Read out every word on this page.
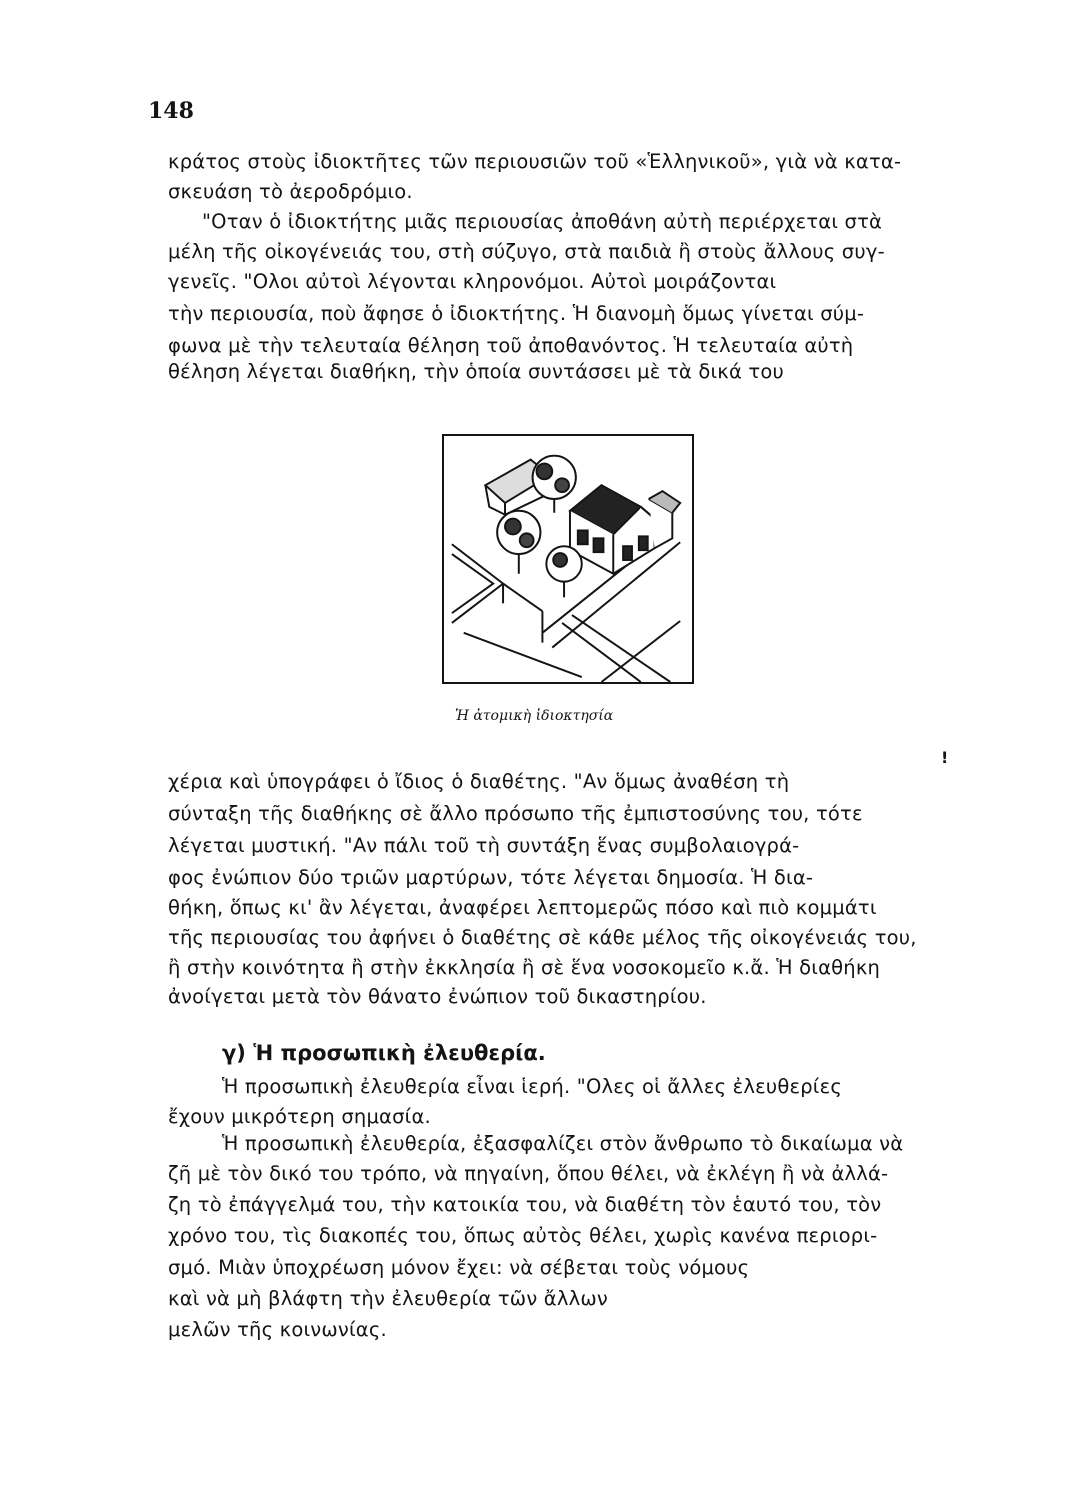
148
κράτος στοὺς ἰδιοκτῆτες τῶν περιουσιῶν τοῦ «Ἑλληνικοῦ», γιὰ νὰ κατα-
σκευάση τὸ ἀεροδρόμιο.
"Οταν ὁ ἰδιοκτήτης μιᾶς περιουσίας ἀποθάνη αὐτὴ περιέρχεται στὰ
μέλη τῆς οἰκογένειάς του, στὴ σύζυγο, στὰ παιδιὰ ἢ στοὺς ἄλλους συγ-
γενεῖς. "Ολοι αὐτοὶ λέγονται κληρονόμοι. Αὐτοὶ μοιράζονται
τὴν περιουσία, ποὺ ἄφησε ὁ ἰδιοκτήτης. Ἡ διανομὴ ὅμως γίνεται σύμ-
φωνα μὲ τὴν τελευταία θέληση τοῦ ἀποθανόντος. Ἡ τελευταία αὐτὴ
θέληση λέγεται διαθήκη, τὴν ὁποία συντάσσει μὲ τὰ δικά του
Ἡ ἀτομικὴ ἰδιοκτησία
!
χέρια καὶ ὑπογράφει ὁ ἴδιος ὁ διαθέτης. "Αν ὅμως ἀναθέση τὴ
σύνταξη τῆς διαθήκης σὲ ἄλλο πρόσωπο τῆς ἐμπιστοσύνης του, τότε
λέγεται μυστική. "Αν πάλι τοῦ τὴ συντάξη ἕνας συμβολαιογρά-
φος ἐνώπιον δύο τριῶν μαρτύρων, τότε λέγεται δημοσία. Ἡ δια-
θήκη, ὅπως κι' ἂν λέγεται, ἀναφέρει λεπτομερῶς πόσο καὶ πιὸ κομμάτι
τῆς περιουσίας του ἀφήνει ὁ διαθέτης σὲ κάθε μέλος τῆς οἰκογένειάς του,
ἢ στὴν κοινότητα ἢ στὴν ἐκκλησία ἢ σὲ ἕνα νοσοκομεῖο κ.ἄ. Ἡ διαθήκη
ἀνοίγεται μετὰ τὸν θάνατο ἐνώπιον τοῦ δικαστηρίου.
γ) Ἡ προσωπικὴ ἐλευθερία.
Ἡ προσωπικὴ ἐλευθερία εἶναι ἱερή. "Ολες οἱ ἄλλες ἐλευθερίες
ἔχουν μικρότερη σημασία.
Ἡ προσωπικὴ ἐλευθερία, ἐξασφαλίζει στὸν ἄνθρωπο τὸ δικαίωμα νὰ
ζῆ μὲ τὸν δικό του τρόπο, νὰ πηγαίνη, ὅπου θέλει, νὰ ἐκλέγη ἢ νὰ ἀλλά-
ζη τὸ ἐπάγγελμά του, τὴν κατοικία του, νὰ διαθέτη τὸν ἑαυτό του, τὸν
χρόνο του, τὶς διακοπές του, ὅπως αὐτὸς θέλει, χωρὶς κανένα περιορι-
σμό. Μιὰν ὑποχρέωση μόνον ἔχει: νὰ σέβεται τοὺς νόμους
καὶ νὰ μὴ βλάφτη τὴν ἐλευθερία τῶν ἄλλων
μελῶν τῆς κοινωνίας.
